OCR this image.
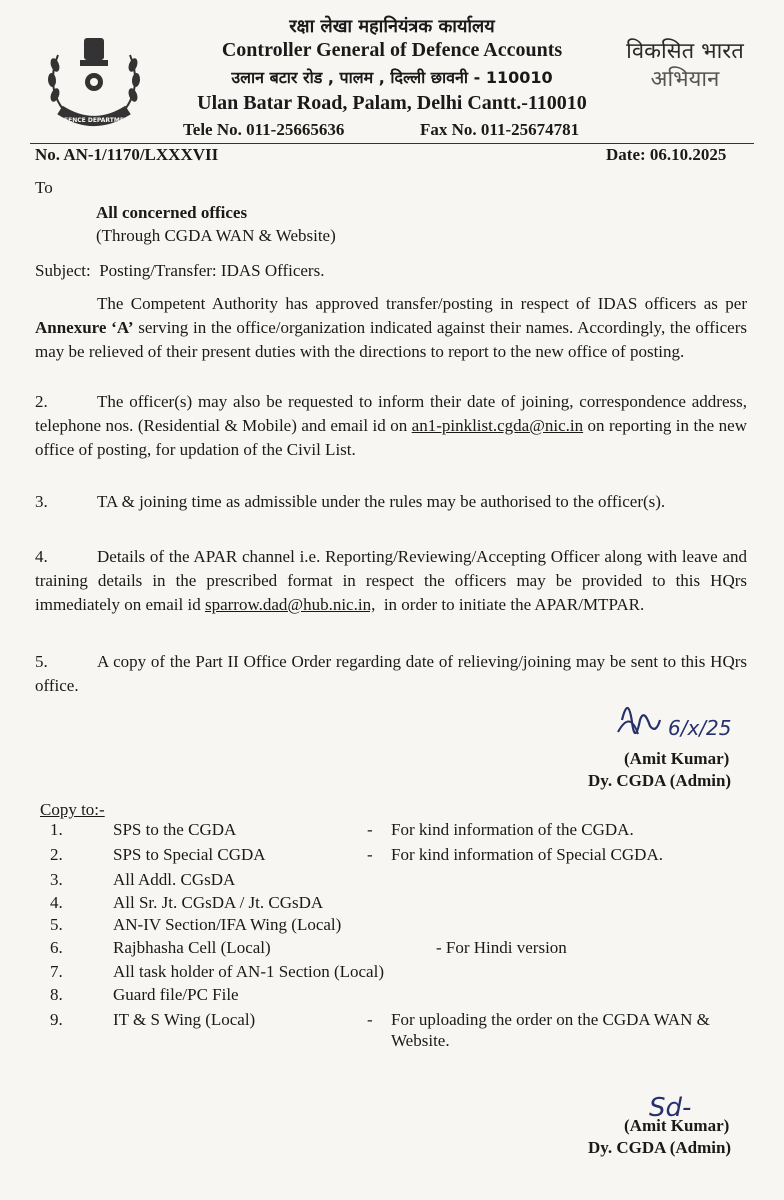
DEFENCE DEPARTMENT
रक्षा लेखा महानियंत्रक कार्यालय
Controller General of Defence Accounts
उलान बटार रोड , पालम , दिल्ली छावनी - 110010
Ulan Batar Road, Palam, Delhi Cantt.-110010
Tele No. 011-25665636	Fax No. 011-25674781
विकसित भारत
अभियान
No. AN-1/1170/LXXXVII	Date: 06.10.2025
To
All concerned offices
(Through CGDA WAN & Website)
Subject:  Posting/Transfer: IDAS Officers.
The Competent Authority has approved transfer/posting in respect of IDAS officers as per Annexure ‘A’ serving in the office/organization indicated against their names. Accordingly, the officers may be relieved of their present duties with the directions to report to the new office of posting.
2.	The officer(s) may also be requested to inform their date of joining, correspondence address, telephone nos. (Residential & Mobile) and email id on an1-pinklist.cgda@nic.in on reporting in the new office of posting, for updation of the Civil List.
3.	TA & joining time as admissible under the rules may be authorised to the officer(s).
4.	Details of the APAR channel i.e. Reporting/Reviewing/Accepting Officer along with leave and training details in the prescribed format in respect the officers may be provided to this HQrs immediately on email id sparrow.dad@hub.nic.in,  in order to initiate the APAR/MTPAR.
5.	A copy of the Part II Office Order regarding date of relieving/joining may be sent to this HQrs office.
6/x/25
(Amit Kumar)
Dy. CGDA (Admin)
Copy to:-
1.	SPS to the CGDA	- For kind information of the CGDA.
2.	SPS to Special CGDA	- For kind information of Special CGDA.
3.	All Addl. CGsDA
4.	All Sr. Jt. CGsDA / Jt. CGsDA
5.	AN-IV Section/IFA Wing (Local)
6.	Rajbhasha Cell (Local)	- For Hindi version
7.	All task holder of AN-1 Section (Local)
8.	Guard file/PC File
9.	IT & S Wing (Local)	- For uploading the order on the CGDA WAN &
Website.
Sd-
(Amit Kumar)
Dy. CGDA (Admin)
